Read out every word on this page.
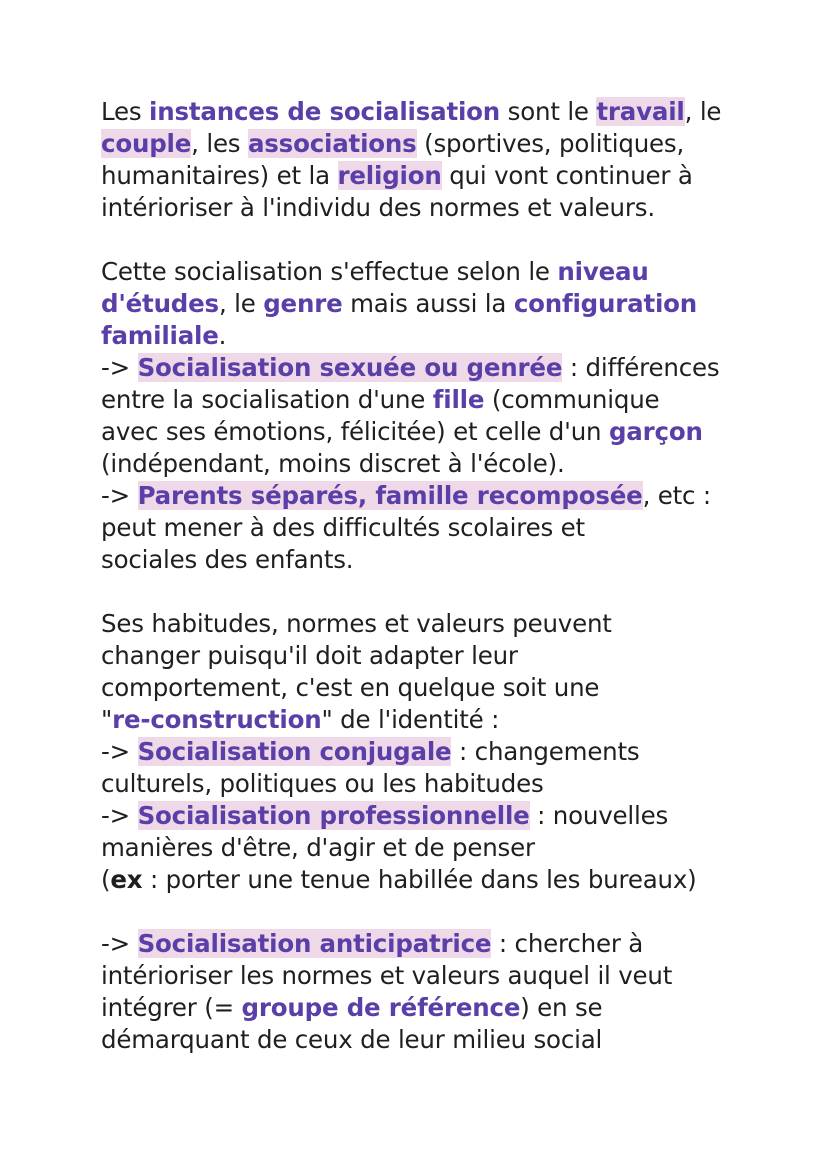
Les instances de socialisation sont le travail, le
couple, les associations (sportives, politiques,
humanitaires) et la religion qui vont continuer à
intérioriser à l'individu des normes et valeurs.

Cette socialisation s'effectue selon le niveau
d'études, le genre mais aussi la configuration
familiale.
-> Socialisation sexuée ou genrée : différences
entre la socialisation d'une fille (communique
avec ses émotions, félicitée) et celle d'un garçon
(indépendant, moins discret à l'école).
-> Parents séparés, famille recomposée, etc :
peut mener à des difficultés scolaires et
sociales des enfants.

Ses habitudes, normes et valeurs peuvent
changer puisqu'il doit adapter leur
comportement, c'est en quelque soit une
"re-construction" de l'identité :
-> Socialisation conjugale : changements
culturels, politiques ou les habitudes
-> Socialisation professionnelle : nouvelles
manières d'être, d'agir et de penser
(ex : porter une tenue habillée dans les bureaux)

-> Socialisation anticipatrice : chercher à
intérioriser les normes et valeurs auquel il veut
intégrer (= groupe de référence) en se
démarquant de ceux de leur milieu social
